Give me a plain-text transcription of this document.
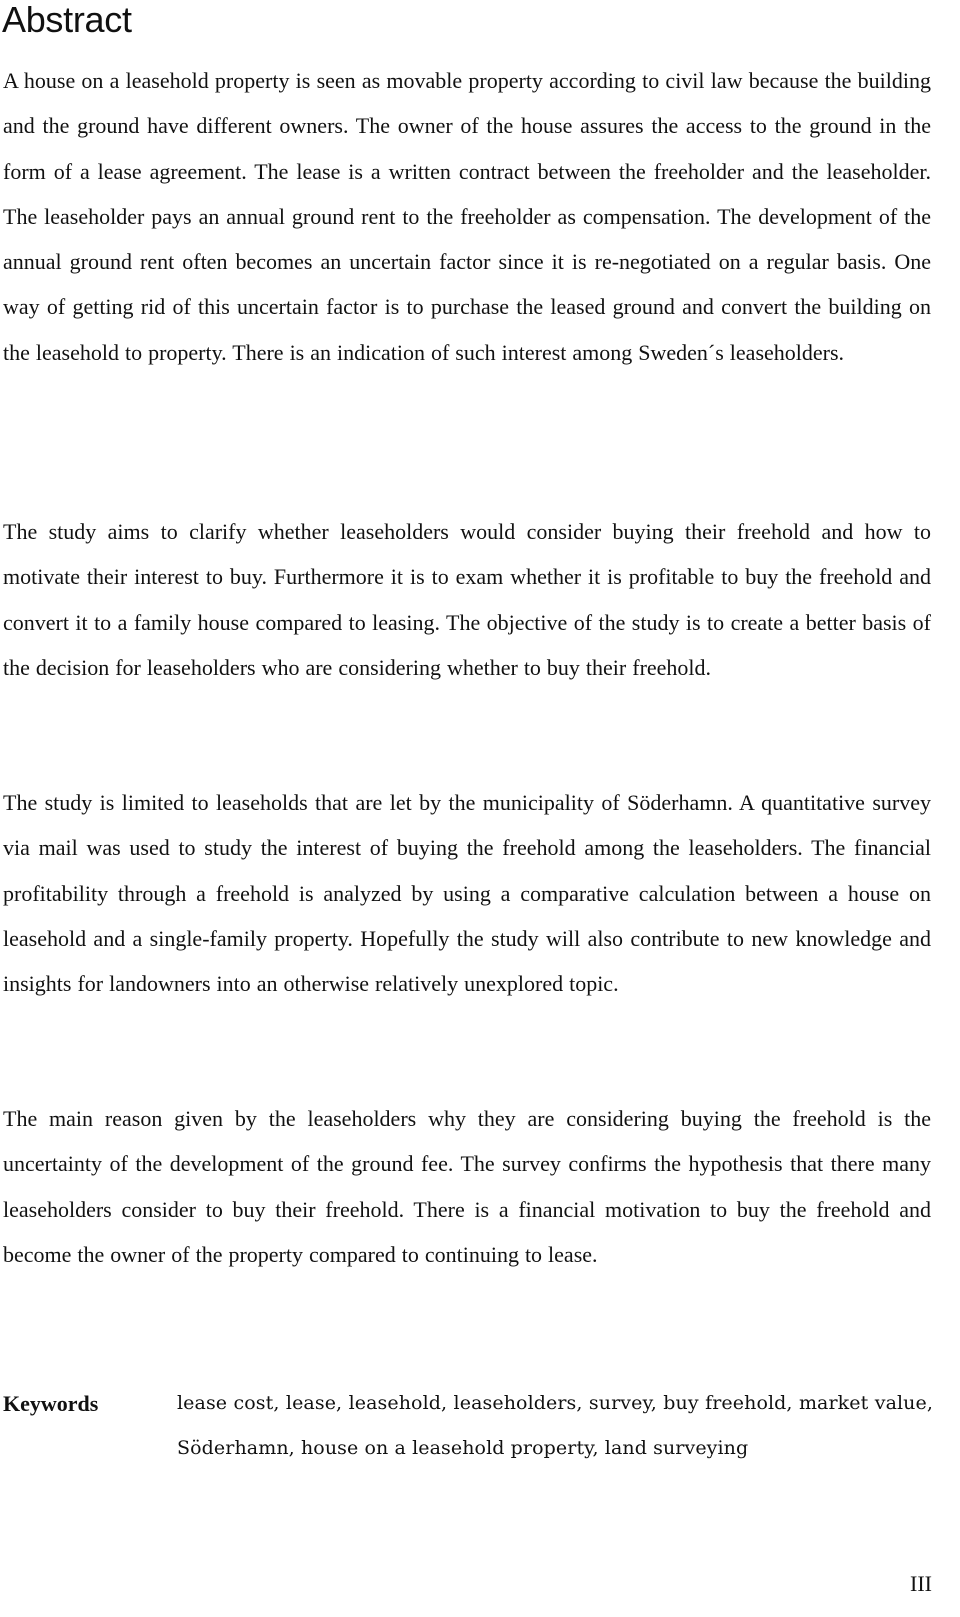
Abstract

A house on a leasehold property is seen as movable property according to civil law because the building and the ground have different owners. The owner of the house assures the access to the ground in the form of a lease agreement. The lease is a written contract between the freeholder and the leaseholder. The leaseholder pays an annual ground rent to the freeholder as compensation. The development of the annual ground rent often becomes an uncertain factor since it is re-negotiated on a regular basis. One way of getting rid of this uncertain factor is to purchase the leased ground and convert the building on the leasehold to property. There is an indication of such interest among Sweden´s leaseholders.

The study aims to clarify whether leaseholders would consider buying their freehold and how to motivate their interest to buy. Furthermore it is to exam whether it is profitable to buy the freehold and convert it to a family house compared to leasing. The objective of the study is to create a better basis of the decision for leaseholders who are considering whether to buy their freehold.

The study is limited to leaseholds that are let by the municipality of Söderhamn. A quantitative survey via mail was used to study the interest of buying the freehold among the leaseholders. The financial profitability through a freehold is analyzed by using a comparative calculation between a house on leasehold and a single-family property. Hopefully the study will also contribute to new knowledge and insights for landowners into an otherwise relatively unexplored topic.

The main reason given by the leaseholders why they are considering buying the freehold is the uncertainty of the development of the ground fee. The survey confirms the hypothesis that there many leaseholders consider to buy their freehold. There is a financial motivation to buy the freehold and become the owner of the property compared to continuing to lease.

Keywords	lease cost, lease, leasehold, leaseholders, survey, buy freehold, market value, Söderhamn, house on a leasehold property, land surveying

III
